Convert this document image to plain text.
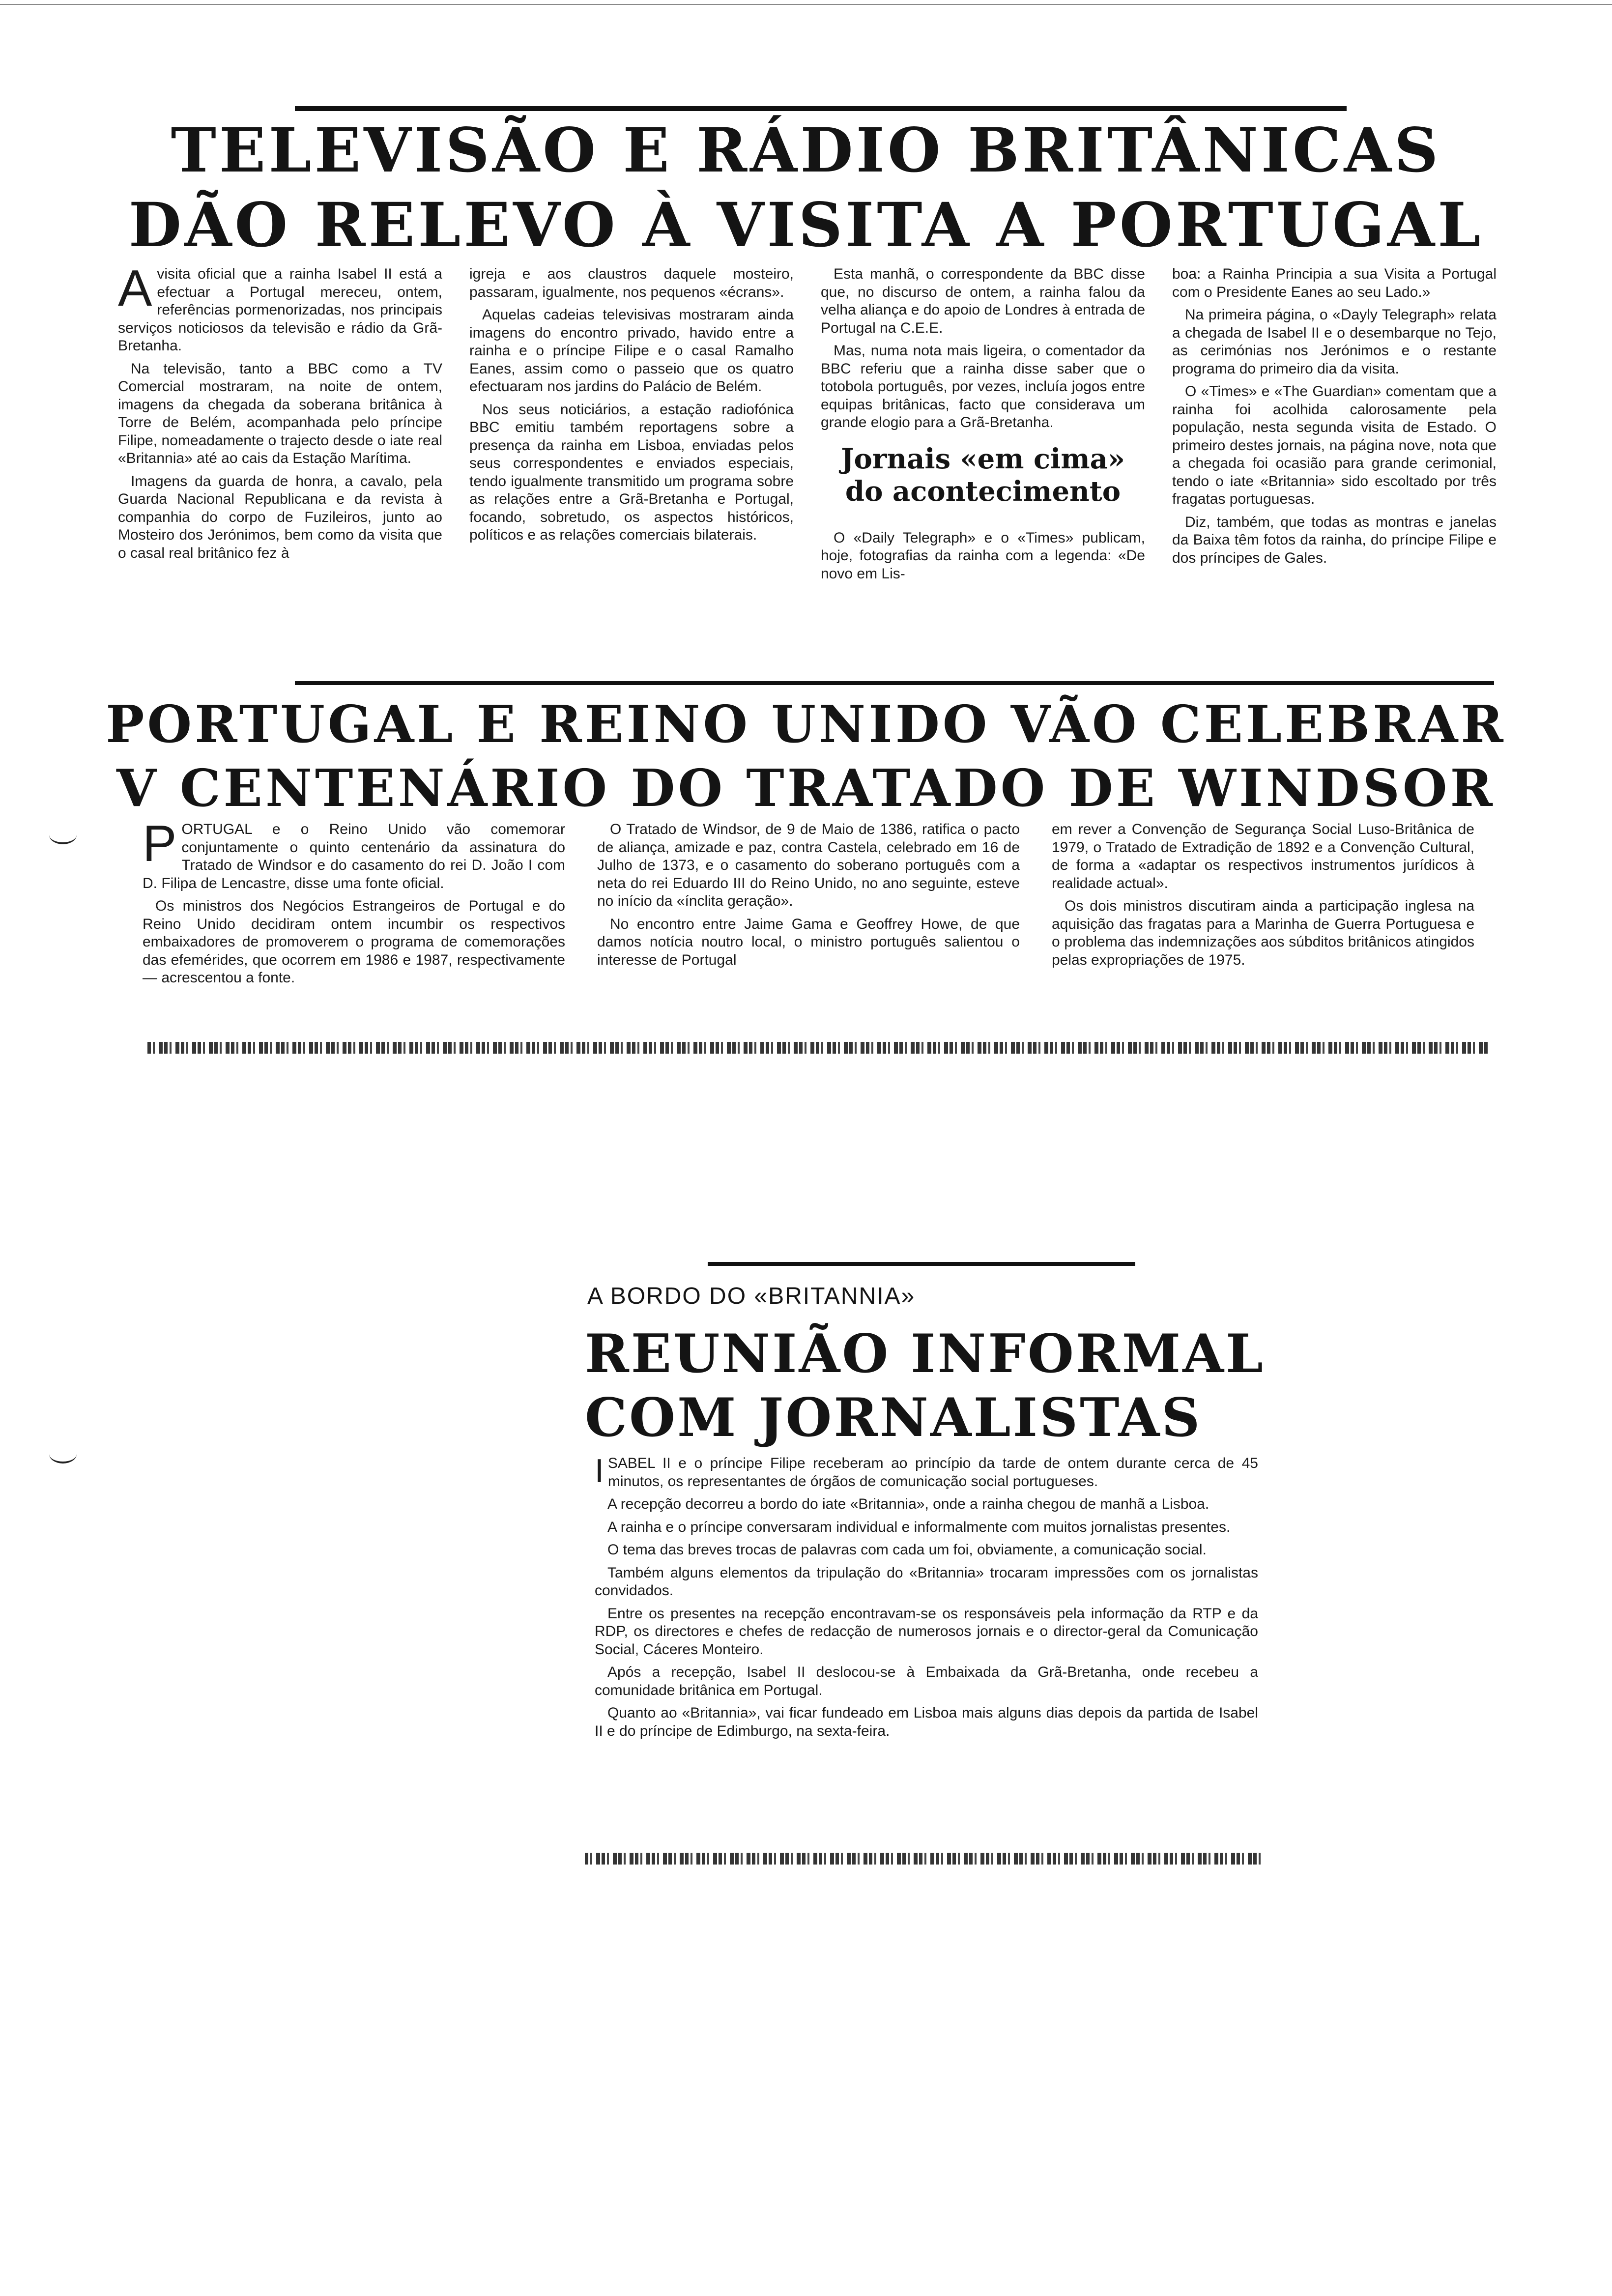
TELEVISÃO E RÁDIO BRITÂNICAS
DÃO RELEVO À VISITA A PORTUGAL
A visita oficial que a rainha Isabel II está a efectuar a Portugal mereceu, ontem, referências pormenorizadas, nos principais serviços noticiosos da televisão e rádio da Grã-Bretanha.

Na televisão, tanto a BBC como a TV Comercial mostraram, na noite de ontem, imagens da chegada da soberana britânica à Torre de Belém, acompanhada pelo príncipe Filipe, nomeadamente o trajecto desde o iate real «Britannia» até ao cais da Estação Marítima.

Imagens da guarda de honra, a cavalo, pela Guarda Nacional Republicana e da revista à companhia do corpo de Fuzileiros, junto ao Mosteiro dos Jerónimos, bem como da visita que o casal real britânico fez à

igreja e aos claustros daquele mosteiro, passaram, igualmente, nos pequenos «écrans».

Aquelas cadeias televisivas mostraram ainda imagens do encontro privado, havido entre a rainha e o príncipe Filipe e o casal Ramalho Eanes, assim como o passeio que os quatro efectuaram nos jardins do Palácio de Belém.

Nos seus noticiários, a estação radiofónica BBC emitiu também reportagens sobre a presença da rainha em Lisboa, enviadas pelos seus correspondentes e enviados especiais, tendo igualmente transmitido um programa sobre as relações entre a Grã-Bretanha e Portugal, focando, sobretudo, os aspectos históricos, políticos e as relações comerciais bilaterais.

Esta manhã, o correspondente da BBC disse que, no discurso de ontem, a rainha falou da velha aliança e do apoio de Londres à entrada de Portugal na C.E.E.

Mas, numa nota mais ligeira, o comentador da BBC referiu que a rainha disse saber que o totobola português, por vezes, incluía jogos entre equipas britânicas, facto que considerava um grande elogio para a Grã-Bretanha.

Jornais «em cima»
do acontecimento

O «Daily Telegraph» e o «Times» publicam, hoje, fotografias da rainha com a legenda: «De novo em Lis-

boa: a Rainha Principia a sua Visita a Portugal com o Presidente Eanes ao seu Lado.»

Na primeira página, o «Dayly Telegraph» relata a chegada de Isabel II e o desembarque no Tejo, as cerimónias nos Jerónimos e o restante programa do primeiro dia da visita.

O «Times» e «The Guardian» comentam que a rainha foi acolhida calorosamente pela população, nesta segunda visita de Estado. O primeiro destes jornais, na página nove, nota que a chegada foi ocasião para grande cerimonial, tendo o iate «Britannia» sido escoltado por três fragatas portuguesas.

Diz, também, que todas as montras e janelas da Baixa têm fotos da rainha, do príncipe Filipe e dos príncipes de Gales.

PORTUGAL E REINO UNIDO VÃO CELEBRAR
V CENTENÁRIO DO TRATADO DE WINDSOR
P ORTUGAL e o Reino Unido vão comemorar conjuntamente o quinto centenário da assinatura do Tratado de Windsor e do casamento do rei D. João I com D. Filipa de Lencastre, disse uma fonte oficial.

Os ministros dos Negócios Estrangeiros de Portugal e do Reino Unido decidiram ontem incumbir os respectivos embaixadores de promoverem o programa de comemorações das efemérides, que ocorrem em 1986 e 1987, respectivamente — acrescentou a fonte.

O Tratado de Windsor, de 9 de Maio de 1386, ratifica o pacto de aliança, amizade e paz, contra Castela, celebrado em 16 de Julho de 1373, e o casamento do soberano português com a neta do rei Eduardo III do Reino Unido, no ano seguinte, esteve no início da «ínclita geração».

No encontro entre Jaime Gama e Geoffrey Howe, de que damos notícia noutro local, o ministro português salientou o interesse de Portugal

em rever a Convenção de Segurança Social Luso-Britânica de 1979, o Tratado de Extradição de 1892 e a Convenção Cultural, de forma a «adaptar os respectivos instrumentos jurídicos à realidade actual».

Os dois ministros discutiram ainda a participação inglesa na aquisição das fragatas para a Marinha de Guerra Portuguesa e o problema das indemnizações aos súbditos britânicos atingidos pelas expropriações de 1975.

A BORDO DO «BRITANNIA»
REUNIÃO INFORMAL
COM JORNALISTAS
I SABEL II e o príncipe Filipe receberam ao princípio da tarde de ontem durante cerca de 45 minutos, os representantes de órgãos de comunicação social portugueses.

A recepção decorreu a bordo do iate «Britannia», onde a rainha chegou de manhã a Lisboa.

A rainha e o príncipe conversaram individual e informalmente com muitos jornalistas presentes.

O tema das breves trocas de palavras com cada um foi, obviamente, a comunicação social.

Também alguns elementos da tripulação do «Britannia» trocaram impressões com os jornalistas convidados.

Entre os presentes na recepção encontravam-se os responsáveis pela informação da RTP e da RDP, os directores e chefes de redacção de numerosos jornais e o director-geral da Comunicação Social, Cáceres Monteiro.

Após a recepção, Isabel II deslocou-se à Embaixada da Grã-Bretanha, onde recebeu a comunidade britânica em Portugal.

Quanto ao «Britannia», vai ficar fundeado em Lisboa mais alguns dias depois da partida de Isabel II e do príncipe de Edimburgo, na sexta-feira.
